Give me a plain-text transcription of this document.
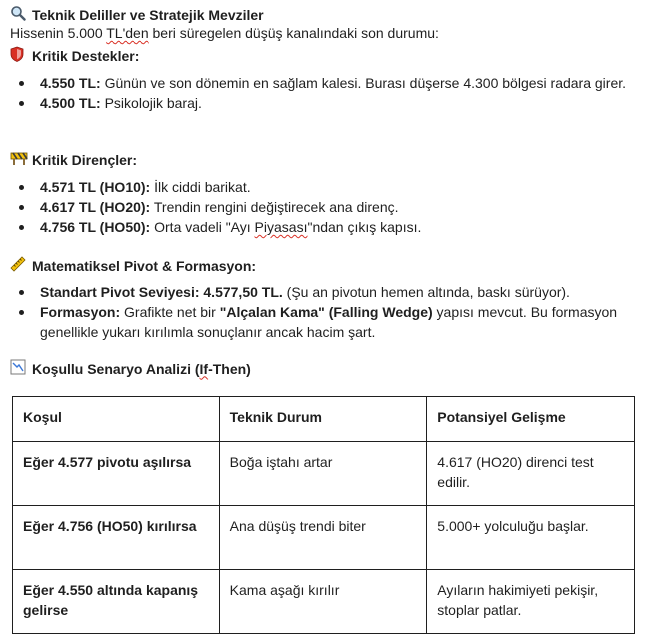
Teknik Deliller ve Stratejik Mevziler
Hissenin 5.000 TL'den beri süregelen düşüş kanalındaki son durumu:
Kritik Destekler:
4.550 TL: Günün ve son dönemin en sağlam kalesi. Burası düşerse 4.300 bölgesi radara girer.
4.500 TL: Psikolojik baraj.
Kritik Dirençler:
4.571 TL (HO10): İlk ciddi barikat.
4.617 TL (HO20): Trendin rengini değiştirecek ana direnç.
4.756 TL (HO50): Orta vadeli "Ayı Piyasası"ndan çıkış kapısı.
Matematiksel Pivot & Formasyon:
Standart Pivot Seviyesi: 4.577,50 TL. (Şu an pivotun hemen altında, baskı sürüyor).
Formasyon: Grafikte net bir "Alçalan Kama" (Falling Wedge) yapısı mevcut. Bu formasyon genellikle yukarı kırılımla sonuçlanır ancak hacim şart.
Koşullu Senaryo Analizi (If-Then)
Koşul	Teknik Durum	Potansiyel Gelişme
Eğer 4.577 pivotu aşılırsa	Boğa iştahı artar	4.617 (HO20) direnci test edilir.
Eğer 4.756 (HO50) kırılırsa	Ana düşüş trendi biter	5.000+ yolculuğu başlar.
Eğer 4.550 altında kapanış gelirse	Kama aşağı kırılır	Ayıların hakimiyeti pekişir, stoplar patlar.
